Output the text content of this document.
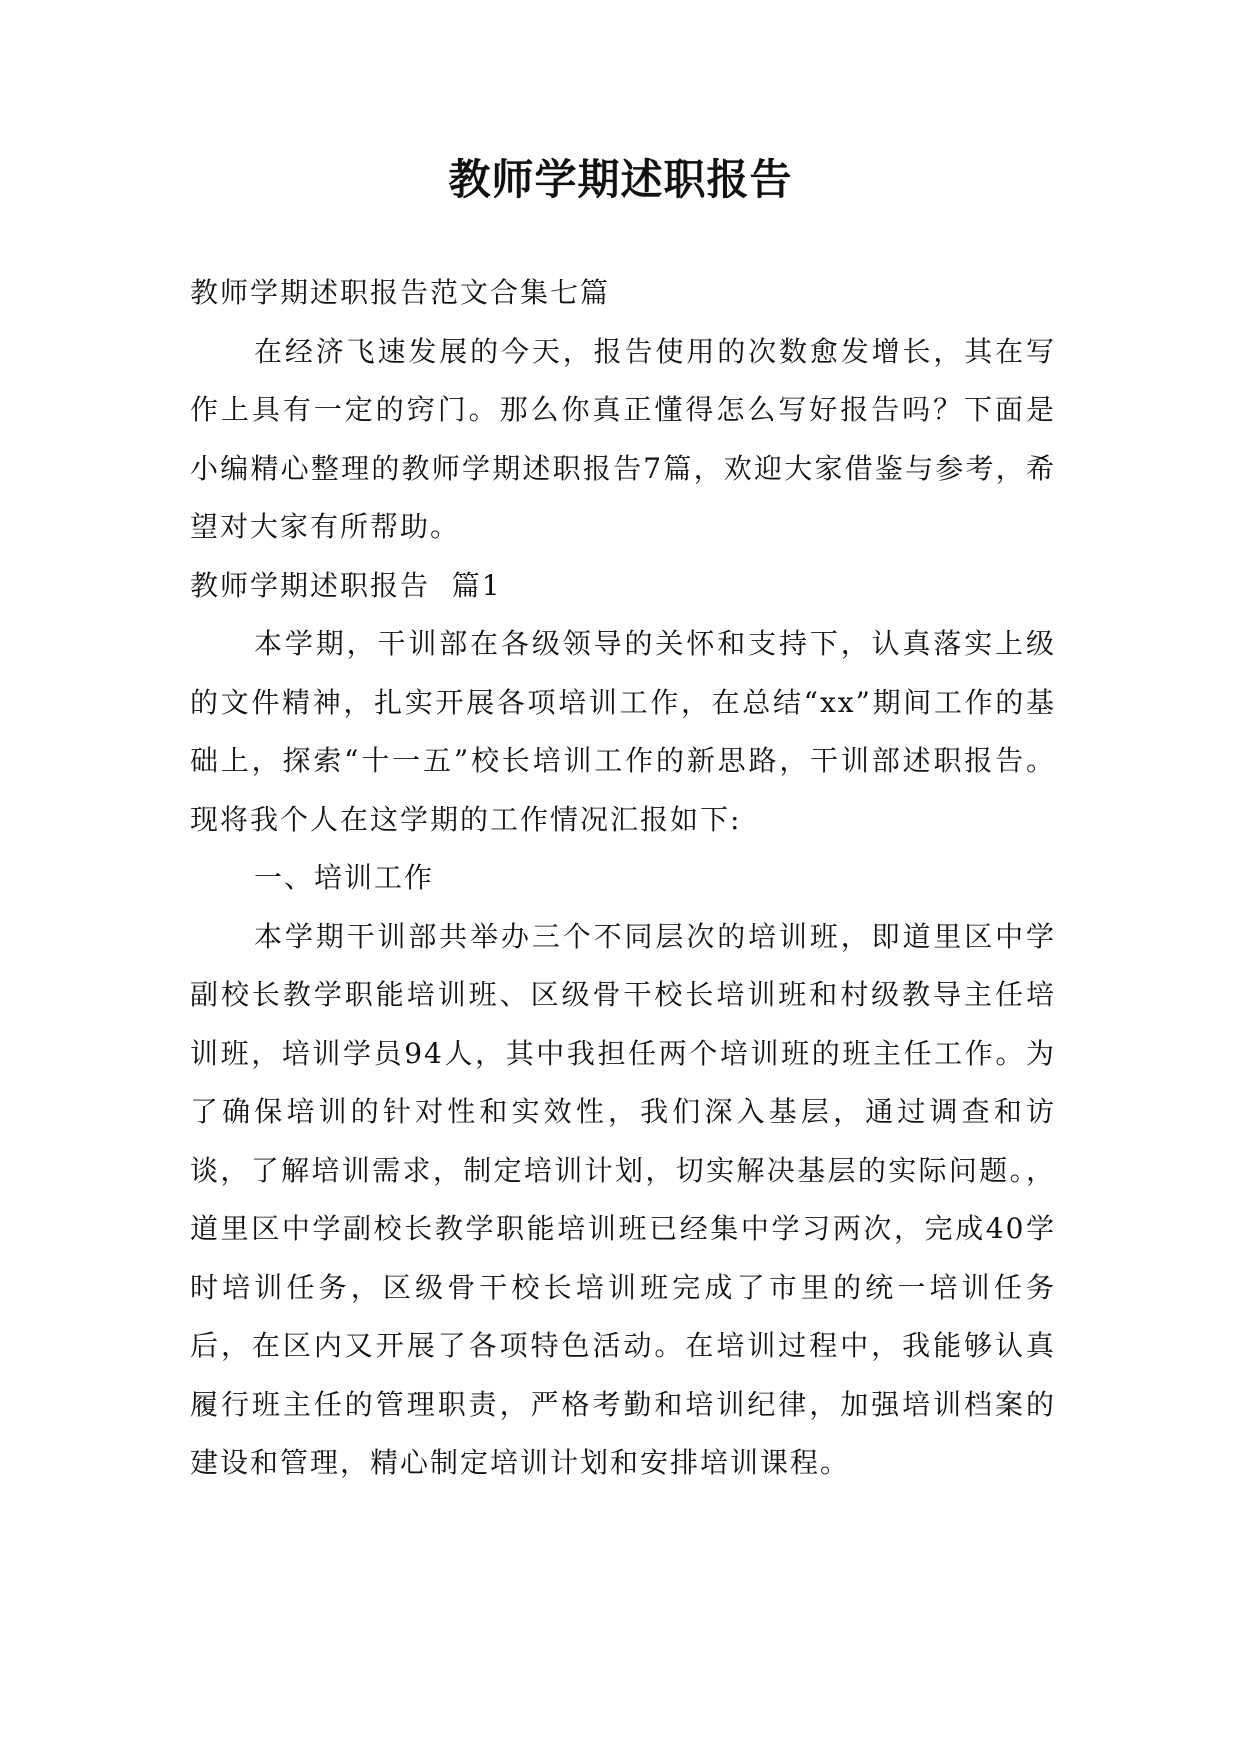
教师学期述职报告

教师学期述职报告范文合集七篇

在经济飞速发展的今天，报告使用的次数愈发增长，其在写作上具有一定的窍门。那么你真正懂得怎么写好报告吗？下面是小编精心整理的教师学期述职报告7篇，欢迎大家借鉴与参考，希望对大家有所帮助。

教师学期述职报告  篇1

本学期，干训部在各级领导的关怀和支持下，认真落实上级的文件精神，扎实开展各项培训工作，在总结“xx”期间工作的基础上，探索“十一五”校长培训工作的新思路，干训部述职报告。现将我个人在这学期的工作情况汇报如下:

一、培训工作

本学期干训部共举办三个不同层次的培训班，即道里区中学副校长教学职能培训班、区级骨干校长培训班和村级教导主任培训班，培训学员94人，其中我担任两个培训班的班主任工作。为了确保培训的针对性和实效性，我们深入基层，通过调查和访谈，了解培训需求，制定培训计划，切实解决基层的实际问题。，道里区中学副校长教学职能培训班已经集中学习两次，完成40学时培训任务，区级骨干校长培训班完成了市里的统一培训任务后，在区内又开展了各项特色活动。在培训过程中，我能够认真履行班主任的管理职责，严格考勤和培训纪律，加强培训档案的建设和管理，精心制定培训计划和安排培训课程。
